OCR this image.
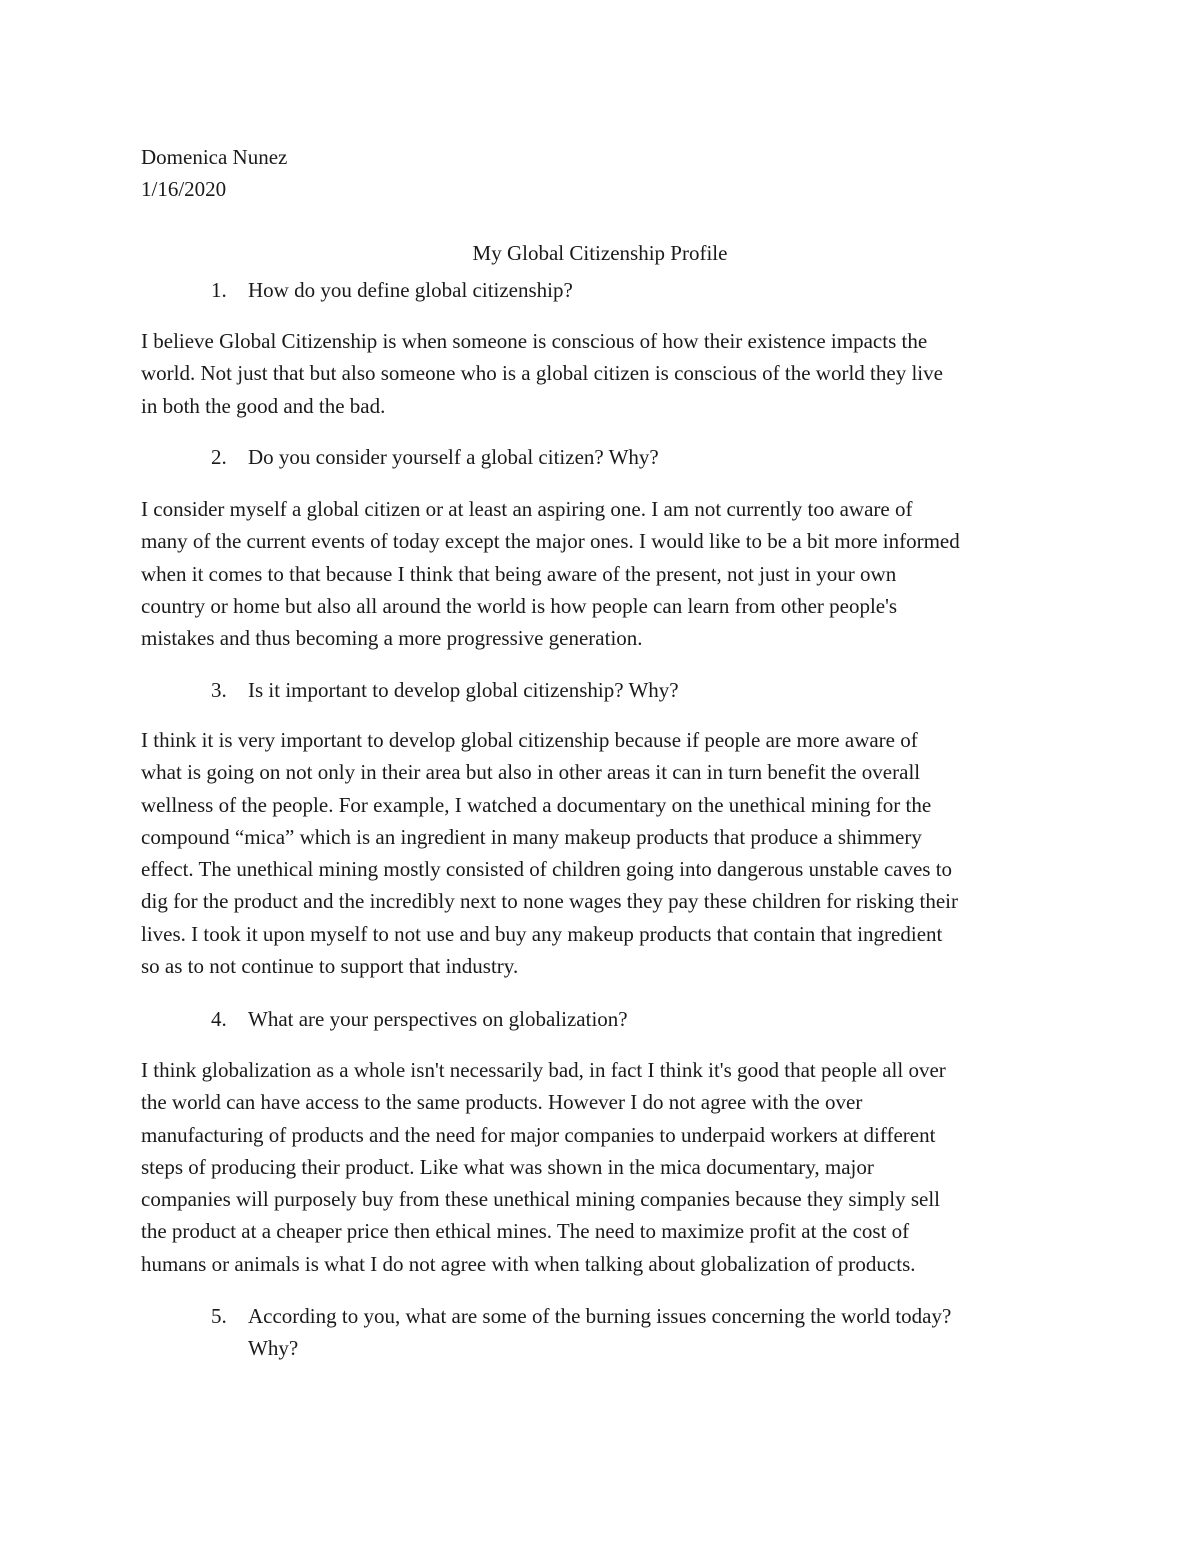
Domenica Nunez

1/16/2020

My Global Citizenship Profile

1.	How do you define global citizenship?

I believe Global Citizenship is when someone is conscious of how their existence impacts the
world. Not just that but also someone who is a global citizen is conscious of the world they live
in both the good and the bad.

2.	Do you consider yourself a global citizen? Why?

I consider myself a global citizen or at least an aspiring one. I am not currently too aware of
many of the current events of today except the major ones. I would like to be a bit more informed
when it comes to that because I think that being aware of the present, not just in your own
country or home but also all around the world is how people can learn from other people's
mistakes and thus becoming a more progressive generation.

3.	Is it important to develop global citizenship? Why?

I think it is very important to develop global citizenship because if people are more aware of
what is going on not only in their area but also in other areas it can in turn benefit the overall
wellness of the people. For example, I watched a documentary on the unethical mining for the
compound “mica” which is an ingredient in many makeup products that produce a shimmery
effect. The unethical mining mostly consisted of children going into dangerous unstable caves to
dig for the product and the incredibly next to none wages they pay these children for risking their
lives. I took it upon myself to not use and buy any makeup products that contain that ingredient
so as to not continue to support that industry.

4.	What are your perspectives on globalization?

I think globalization as a whole isn't necessarily bad, in fact I think it's good that people all over
the world can have access to the same products. However I do not agree with the over
manufacturing of products and the need for major companies to underpaid workers at different
steps of producing their product. Like what was shown in the mica documentary, major
companies will purposely buy from these unethical mining companies because they simply sell
the product at a cheaper price then ethical mines. The need to maximize profit at the cost of
humans or animals is what I do not agree with when talking about globalization of products.
5.	According to you, what are some of the burning issues concerning the world today?
Why?
